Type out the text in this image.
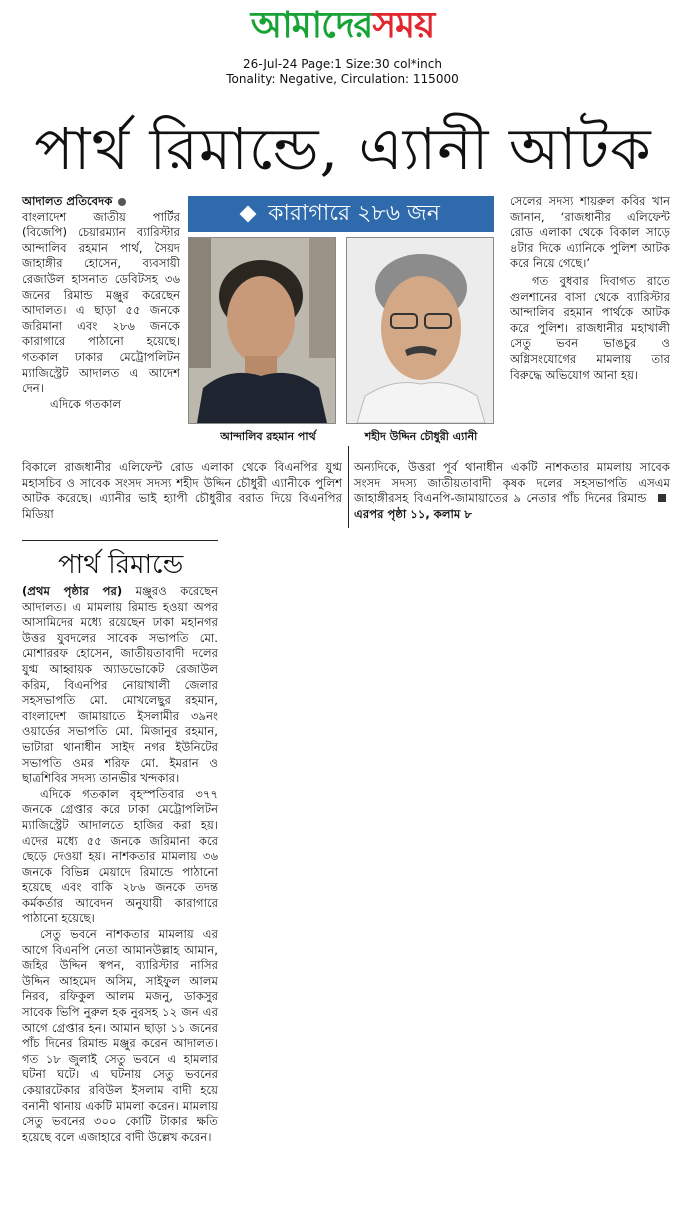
আমাদেরসময়
26-Jul-24 Page:1 Size:30 col*inch
Tonality: Negative, Circulation: 115000
পার্থ রিমান্ডে, এ্যানী আটক

আদালত প্রতিবেদক

বাংলাদেশ জাতীয় পার্টির (বিজেপি) চেয়ারম্যান ব্যারিস্টার আন্দালিব রহমান পার্থ, সৈয়দ জাহাঙ্গীর হোসেন, ব্যবসায়ী রেজাউল হাসনাত ডেবিটসহ ৩৬ জনের রিমান্ড মঞ্জুর করেছেন আদালত। এ ছাড়া ৫৫ জনকে জরিমানা এবং ২৮৬ জনকে কারাগারে পাঠানো হয়েছে। গতকাল ঢাকার মেট্রোপলিটন ম্যাজিস্ট্রেট আদালত এ আদেশ দেন।

এদিকে গতকাল

কারাগারে ২৮৬ জন
আন্দালিব রহমান পার্থ	শহীদ উদ্দিন চৌধুরী এ্যানী

সেলের সদস্য শায়রুল কবির খান জানান, ‘রাজধানীর এলিফেন্ট রোড এলাকা থেকে বিকাল সাড়ে ৪টার দিকে এ্যানিকে পুলিশ আটক করে নিয়ে গেছে।’

গত বুধবার দিবাগত রাতে গুলশানের বাসা থেকে ব্যারিস্টার আন্দালিব রহমান পার্থকে আটক করে পুলিশ। রাজধানীর মহাখালী সেতু ভবন ভাঙচুর ও অগ্নিসংযোগের মামলায় তার বিরুদ্ধে অভিযোগ আনা হয়।

বিকালে রাজধানীর এলিফেন্ট রোড এলাকা থেকে বিএনপির যুগ্ম মহাসচিব ও সাবেক সংসদ সদস্য শহীদ উদ্দিন চৌধুরী এ্যানীকে পুলিশ আটক করেছে। এ্যানীর ভাই হ্যাপী চৌধুরীর বরাত দিয়ে বিএনপির মিডিয়া
অন্যদিকে, উত্তরা পূর্ব থানাধীন একটি নাশকতার মামলায় সাবেক সংসদ সদস্য জাতীয়তাবাদী কৃষক দলের সহসভাপতি এসএম জাহাঙ্গীরসহ বিএনপি-জামায়াতের ৯ নেতার পাঁচ দিনের রিমান্ড এরপর পৃষ্ঠা ১১, কলাম ৮
পার্থ রিমান্ডে

(প্রথম পৃষ্ঠার পর) মঞ্জুরও করেছেন আদালত। এ মামলায় রিমান্ড হওয়া অপর আসামিদের মধ্যে রয়েছেন ঢাকা মহানগর উত্তর যুবদলের সাবেক সভাপতি মো. মোশাররফ হোসেন, জাতীয়তাবাদী দলের যুগ্ম আহ্বায়ক অ্যাডভোকেট রেজাউল করিম, বিএনপির নোয়াখালী জেলার সহসভাপতি মো. মোখলেছুর রহমান, বাংলাদেশ জামায়াতে ইসলামীর ৩৯নং ওয়ার্ডের সভাপতি মো. মিজানুর রহমান, ভাটারা থানাধীন সাইদ নগর ইউনিটের সভাপতি ওমর শরিফ মো. ইমরান ও ছাত্রশিবির সদস্য তানভীর খন্দকার।

এদিকে গতকাল বৃহস্পতিবার ৩৭৭ জনকে গ্রেপ্তার করে ঢাকা মেট্রোপলিটন ম্যাজিস্ট্রেট আদালতে হাজির করা হয়। এদের মধ্যে ৫৫ জনকে জরিমানা করে ছেড়ে দেওয়া হয়। নাশকতার মামলায় ৩৬ জনকে বিভিন্ন মেয়াদে রিমান্ডে পাঠানো হয়েছে এবং বাকি ২৮৬ জনকে তদন্ত কর্মকর্তার আবেদন অনুযায়ী কারাগারে পাঠানো হয়েছে।

সেতু ভবনে নাশকতার মামলায় এর আগে বিএনপি নেতা আমানউল্লাহ আমান, জহির উদ্দিন স্বপন, ব্যারিস্টার নাসির উদ্দিন আহমেদ অসিম, সাইফুল আলম নিরব, রফিকুল আলম মজনু, ডাকসুর সাবেক ভিপি নুরুল হক নুরসহ ১২ জন এর আগে গ্রেপ্তার হন। আমান ছাড়া ১১ জনের পাঁচ দিনের রিমান্ড মঞ্জুর করেন আদালত। গত ১৮ জুলাই সেতু ভবনে এ হামলার ঘটনা ঘটে। এ ঘটনায় সেতু ভবনের কেয়ারটেকার রবিউল ইসলাম বাদী হয়ে বনানী থানায় একটি মামলা করেন। মামলায় সেতু ভবনের ৩০০ কোটি টাকার ক্ষতি হয়েছে বলে এজাহারে বাদী উল্লেখ করেন।
